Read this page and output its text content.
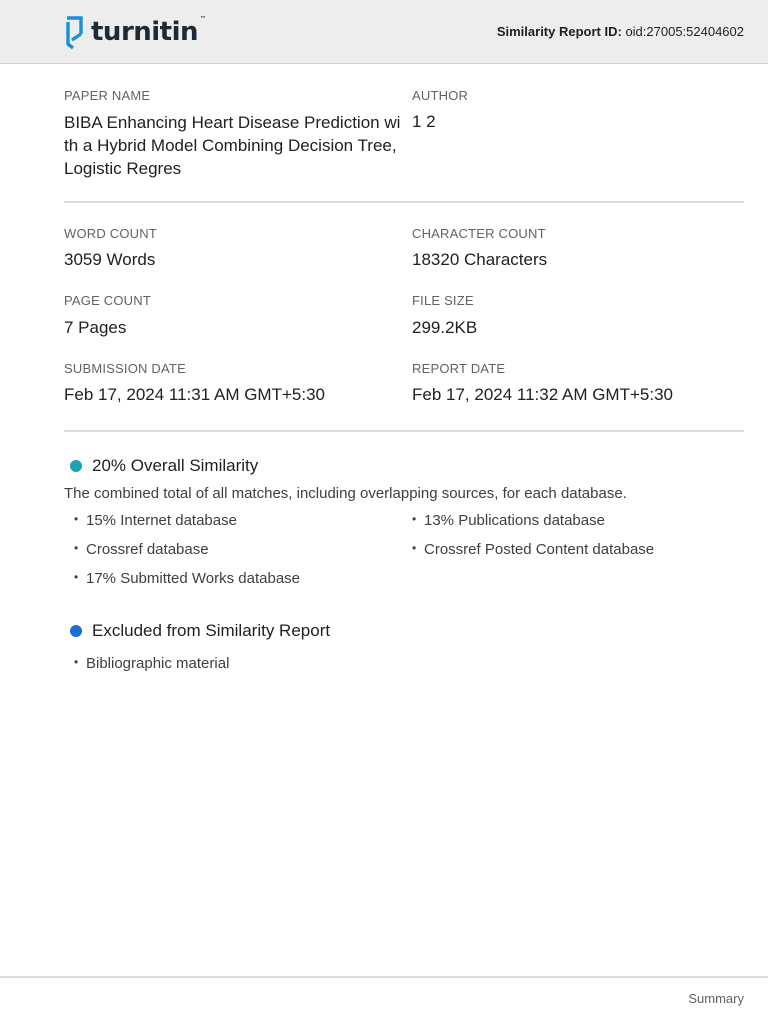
turnitin ™
Similarity Report ID: oid:27005:52404602
PAPER NAME
BIBA Enhancing Heart Disease Prediction with a Hybrid Model Combining Decision Tree, Logistic Regres
AUTHOR
1 2
WORD COUNT
3059 Words
CHARACTER COUNT
18320 Characters
PAGE COUNT
7 Pages
FILE SIZE
299.2KB
SUBMISSION DATE
Feb 17, 2024 11:31 AM GMT+5:30
REPORT DATE
Feb 17, 2024 11:32 AM GMT+5:30
20% Overall Similarity
The combined total of all matches, including overlapping sources, for each database.
• 15% Internet database
• Crossref database
• 17% Submitted Works database
• 13% Publications database
• Crossref Posted Content database
Excluded from Similarity Report
• Bibliographic material
Summary
